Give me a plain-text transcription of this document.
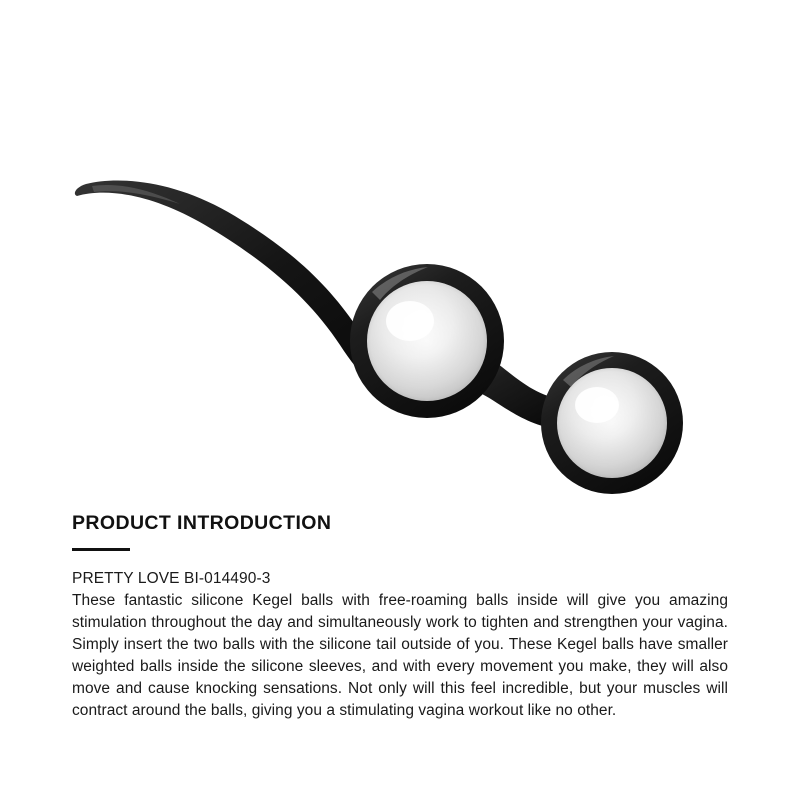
PRODUCT INTRODUCTION

PRETTY LOVE BI-014490-3

These fantastic silicone Kegel balls with free-roaming balls inside will give you amazing stimulation throughout the day and simultaneously work to tighten and strengthen your vagina. Simply insert the two balls with the silicone tail outside of you. These Kegel balls have smaller weighted balls inside the silicone sleeves, and with every movement you make, they will also move and cause knocking sensations. Not only will this feel incredible, but your muscles will contract around the balls, giving you a stimulating vagina workout like no other.
